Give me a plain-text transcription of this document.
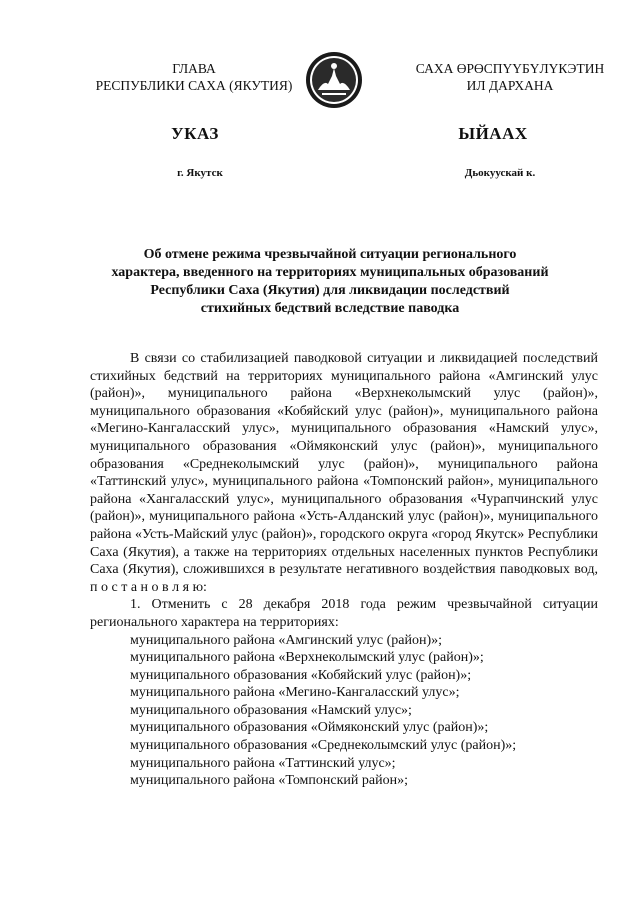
ГЛАВА
РЕСПУБЛИКИ САХА (ЯКУТИЯ)
САХА ӨРӨСПҮҮБҮЛҮКЭТИН
ИЛ ДАРХАНА
УКАЗ	ЫЙААХ
г. Якутск	Дьокуускай к.
Об отмене режима чрезвычайной ситуации регионального
характера, введенного на территориях муниципальных образований
Республики Саха (Якутия) для ликвидации последствий
стихийных бедствий вследствие паводка

В связи со стабилизацией паводковой ситуации и ликвидацией последствий стихийных бедствий на территориях муниципального района «Амгинский улус (район)», муниципального района «Верхнеколымский улус (район)», муниципального образования «Кобяйский улус (район)», муниципального района «Мегино-Кангаласский улус», муниципального образования «Намский улус», муниципального образования «Оймяконский улус (район)», муниципального образования «Среднеколымский улус (район)», муниципального района «Таттинский улус», муниципального района «Томпонский район», муниципального района «Хангаласский улус», муниципального образования «Чурапчинский улус (район)», муниципального района «Усть-Алданский улус (район)», муниципального района «Усть-Майский улус (район)», городского округа «город Якутск» Республики Саха (Якутия), а также на территориях отдельных населенных пунктов Республики Саха (Якутия), сложившихся в результате негативного воздействия паводковых вод, п о с т а н о в л я ю:

1. Отменить с 28 декабря 2018 года режим чрезвычайной ситуации регионального характера на территориях:

муниципального района «Амгинский улус (район)»;

муниципального района «Верхнеколымский улус (район)»;

муниципального образования «Кобяйский улус (район)»;

муниципального района «Мегино-Кангаласский улус»;

муниципального образования «Намский улус»;

муниципального образования «Оймяконский улус (район)»;

муниципального образования «Среднеколымский улус (район)»;

муниципального района «Таттинский улус»;

муниципального района «Томпонский район»;
